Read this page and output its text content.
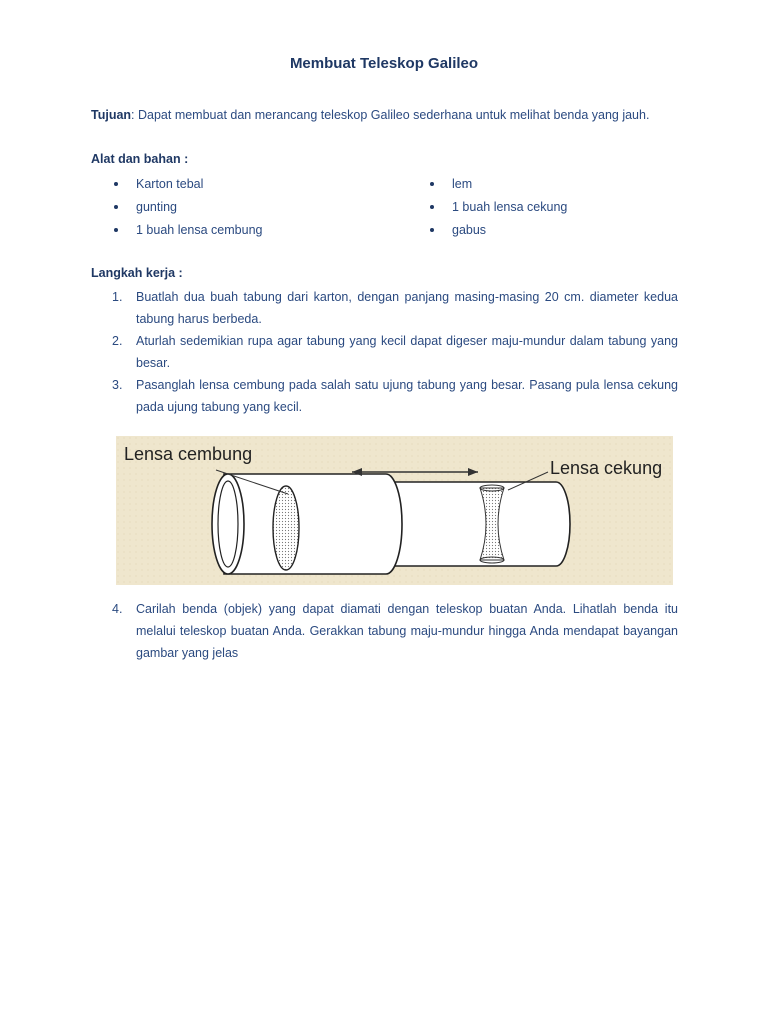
Membuat Teleskop Galileo
Tujuan: Dapat membuat dan merancang teleskop Galileo sederhana untuk melihat benda yang jauh.
Alat dan bahan :
Karton tebal
gunting
1 buah lensa cembung
lem
1 buah lensa cekung
gabus
Langkah kerja :
1. Buatlah dua buah tabung dari karton, dengan panjang masing-masing 20 cm. diameter kedua tabung harus berbeda.
2. Aturlah sedemikian rupa agar tabung yang kecil dapat digeser maju-mundur dalam tabung yang besar.
3. Pasanglah lensa cembung pada salah satu ujung tabung yang besar. Pasang pula lensa cekung pada ujung tabung yang kecil.
Lensa cembung
Lensa cekung
4. Carilah benda (objek) yang dapat diamati dengan teleskop buatan Anda. Lihatlah benda itu melalui teleskop buatan Anda. Gerakkan tabung maju-mundur hingga Anda mendapat bayangan gambar yang jelas
